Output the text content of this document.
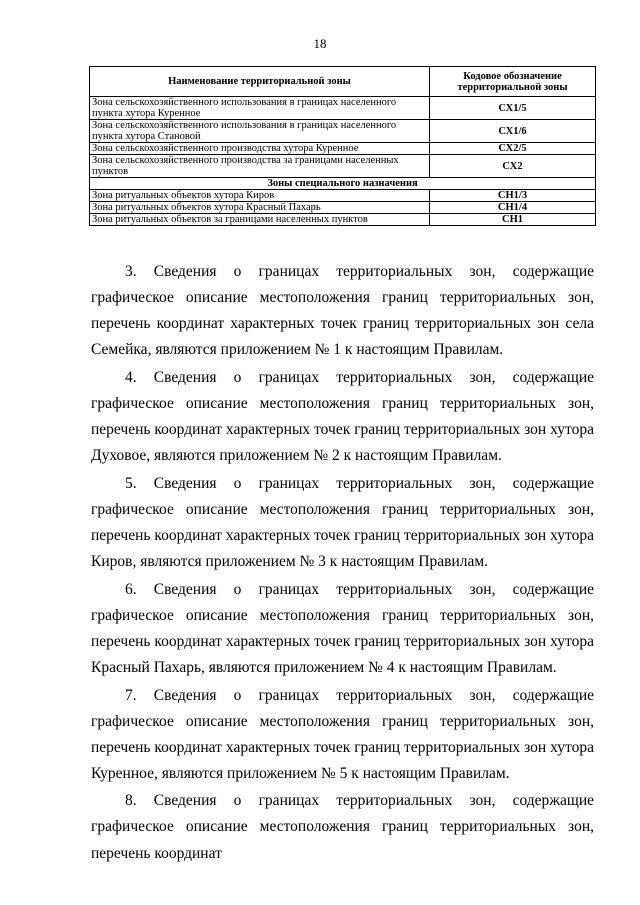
18
Наименование территориальной зоны	Кодовое обозначение территориальной зоны
Зона сельскохозяйственного использования в границах населенного пункта хутора Куренное	СХ1/5
Зона сельскохозяйственного использования в границах населенного пункта хутора Становой	СХ1/6
Зона сельскохозяйственного производства хутора Куренное	СХ2/5
Зона сельскохозяйственного производства за границами населенных пунктов	СХ2
Зоны специального назначения	
Зона ритуальных объектов хутора Киров	СН1/3
Зона ритуальных объектов хутора Красный Пахарь	СН1/4
Зона ритуальных объектов за границами населенных пунктов	СН1

3. Сведения о границах территориальных зон, содержащие графическое описание местоположения границ территориальных зон, перечень координат характерных точек границ территориальных зон села Семейка, являются приложением № 1 к настоящим Правилам.

4. Сведения о границах территориальных зон, содержащие графическое описание местоположения границ территориальных зон, перечень координат характерных точек границ территориальных зон хутора Духовое, являются приложением № 2 к настоящим Правилам.

5. Сведения о границах территориальных зон, содержащие графическое описание местоположения границ территориальных зон, перечень координат характерных точек границ территориальных зон хутора Киров, являются приложением № 3 к настоящим Правилам.

6. Сведения о границах территориальных зон, содержащие графическое описание местоположения границ территориальных зон, перечень координат характерных точек границ территориальных зон хутора Красный Пахарь, являются приложением № 4 к настоящим Правилам.

7. Сведения о границах территориальных зон, содержащие графическое описание местоположения границ территориальных зон, перечень координат характерных точек границ территориальных зон хутора Куренное, являются приложением № 5 к настоящим Правилам.

8. Сведения о границах территориальных зон, содержащие графическое описание местоположения границ территориальных зон, перечень координат
